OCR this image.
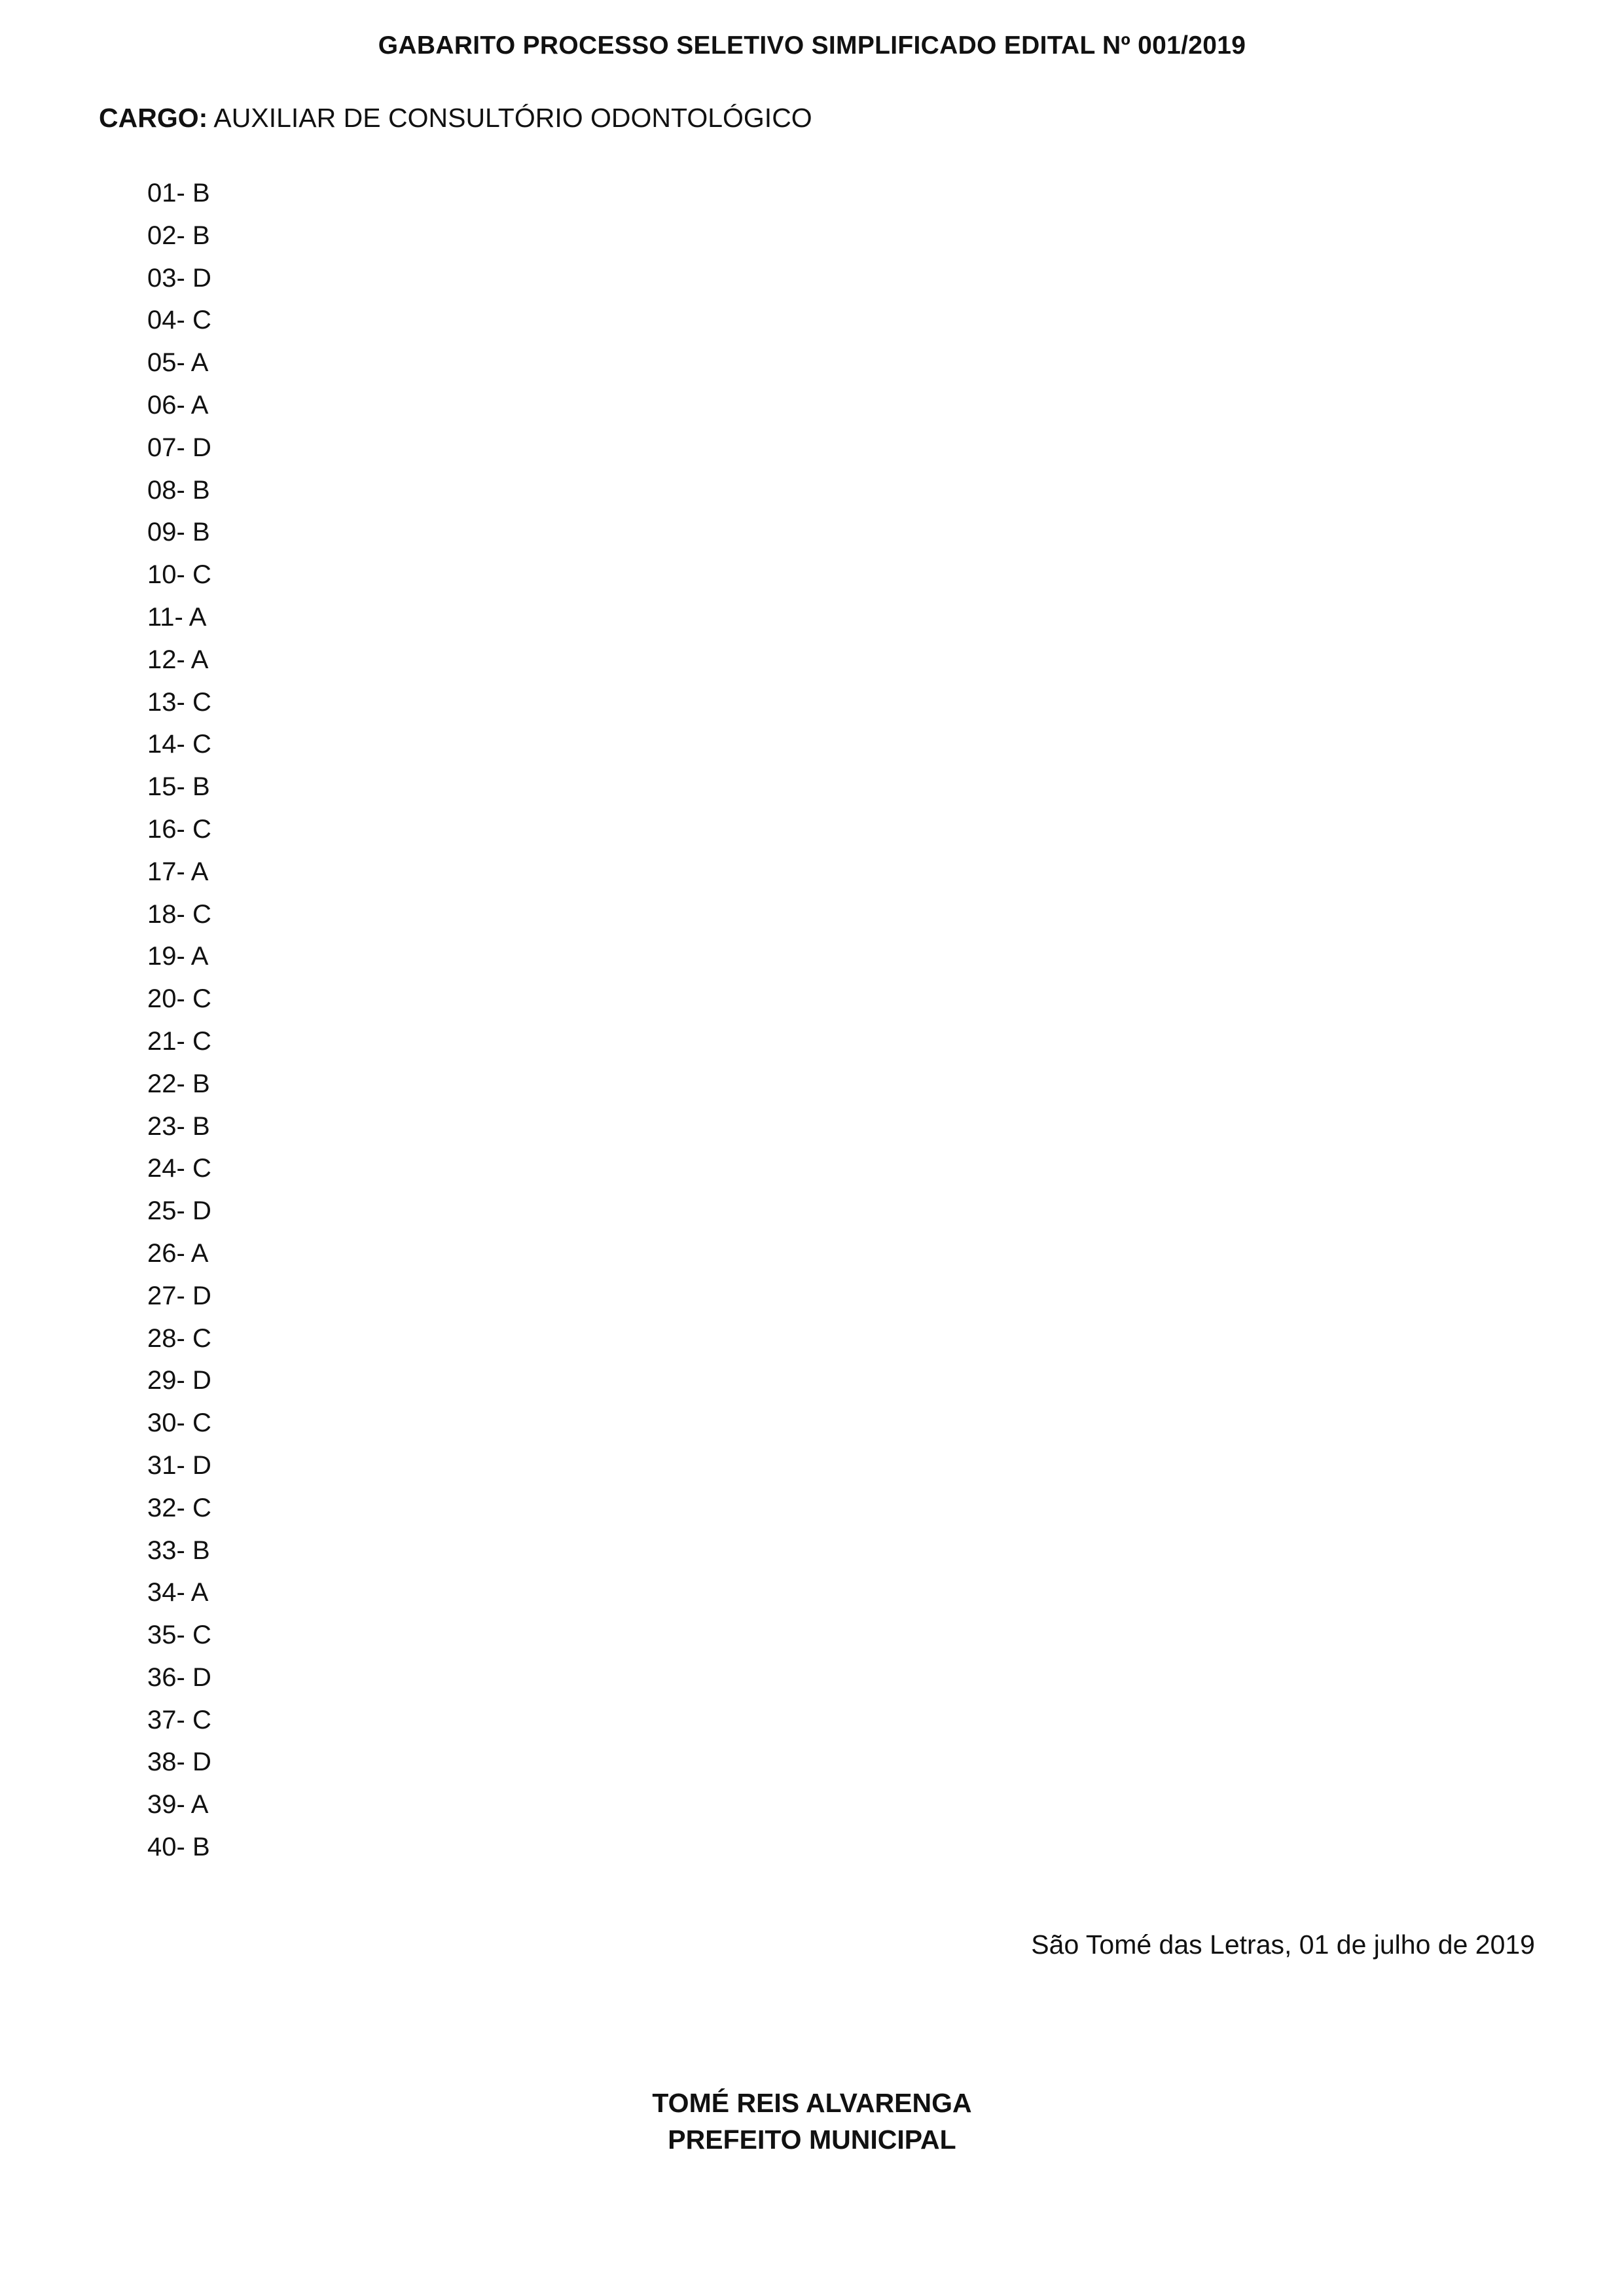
GABARITO PROCESSO SELETIVO SIMPLIFICADO EDITAL Nº 001/2019
CARGO: AUXILIAR DE CONSULTÓRIO ODONTOLÓGICO
01- B
02- B
03- D
04- C
05- A
06- A
07- D
08- B
09- B
10- C
11- A
12- A
13- C
14- C
15- B
16- C
17- A
18- C
19- A
20- C
21- C
22- B
23- B
24- C
25- D
26- A
27- D
28- C
29- D
30- C
31- D
32- C
33- B
34- A
35- C
36- D
37- C
38- D
39- A
40- B
São Tomé das Letras, 01 de julho de 2019
TOMÉ REIS ALVARENGA
PREFEITO MUNICIPAL
